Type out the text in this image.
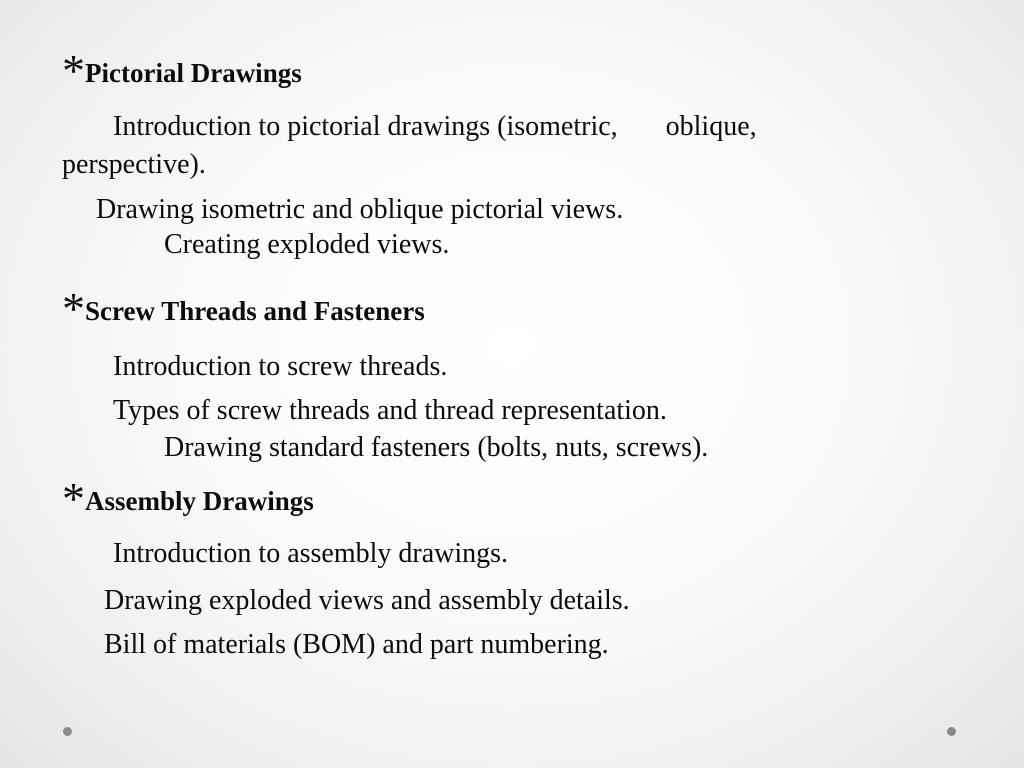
*Pictorial Drawings
Introduction to pictorial drawings (isometric, oblique,
perspective).
Drawing isometric and oblique pictorial views.
Creating exploded views.
*Screw Threads and Fasteners
Introduction to screw threads.
Types of screw threads and thread representation.
Drawing standard fasteners (bolts, nuts, screws).
*Assembly Drawings
Introduction to assembly drawings.
Drawing exploded views and assembly details.
Bill of materials (BOM) and part numbering.
